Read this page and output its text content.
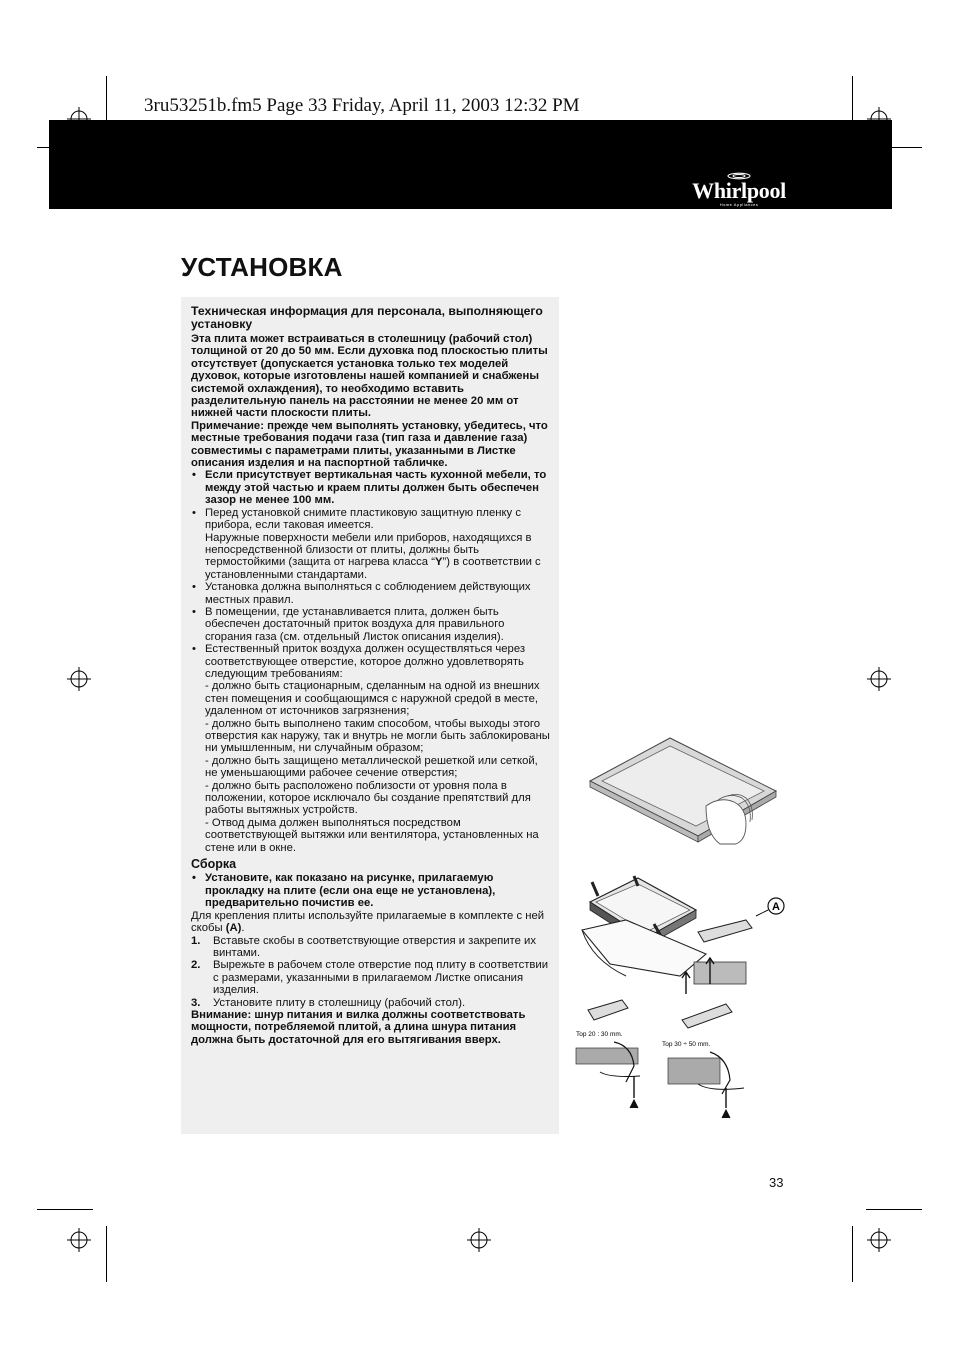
3ru53251b.fm5 Page 33 Friday, April 11, 2003 12:32 PM
Whirlpool
Home Appliances
УСТАНОВКА

Техническая информация для персонала, выполняющего установку

Эта плита может встраиваться в столешницу (рабочий стол) толщиной от 20 до 50 мм. Если духовка под плоскостью плиты отсутствует (допускается установка только тех моделей духовок, которые изготовлены нашей компанией и снабжены системой охлаждения), то необходимо вставить разделительную панель на расстоянии не менее 20 мм от нижней части плоскости плиты.

Примечание: прежде чем выполнять установку, убедитесь, что местные требования подачи газа (тип газа и давление газа) совместимы с параметрами плиты, указанными в Листке описания изделия и на паспортной табличке.

• Если присутствует вертикальная часть кухонной мебели, то между этой частью и краем плиты должен быть обеспечен зазор не менее 100 мм.

• Перед установкой снимите пластиковую защитную пленку с прибора, если таковая имеется.
Наружные поверхности мебели или приборов, находящихся в непосредственной близости от плиты, должны быть термостойкими (защита от нагрева класса “Y”) в соответствии с установленными стандартами.

• Установка должна выполняться с соблюдением действующих местных правил.

• В помещении, где устанавливается плита, должен быть обеспечен достаточный приток воздуха для правильного сгорания газа (см. отдельный Листок описания изделия).

• Естественный приток воздуха должен осуществляться через соответствующее отверстие, которое должно удовлетворять следующим требованиям:
- должно быть стационарным, сделанным на одной из внешних стен помещения и сообщающимся с наружной средой в месте, удаленном от источников загрязнения;
- должно быть выполнено таким способом, чтобы выходы этого отверстия как наружу, так и внутрь не могли быть заблокированы ни умышленным, ни случайным образом;
- должно быть защищено металлической решеткой или сеткой, не уменьшающими рабочее сечение отверстия;
- должно быть расположено поблизости от уровня пола в положении, которое исключало бы создание препятствий для работы вытяжных устройств.
- Отвод дыма должен выполняться посредством соответствующей вытяжки или вентилятора, установленных на стене или в окне.

Сборка

• Установите, как показано на рисунке, прилагаемую прокладку на плите (если она еще не установлена), предварительно почистив ее.

Для крепления плиты используйте прилагаемые в комплекте с ней скобы (A).

1. Вставьте скобы в соответствующие отверстия и закрепите их винтами.

2. Вырежьте в рабочем столе отверстие под плиту в соответствии с размерами, указанными в прилагаемом Листке описания изделия.

3. Установите плиту в столешницу (рабочий стол).

Внимание: шнур питания и вилка должны соответствовать мощности, потребляемой плитой, а длина шнура питания должна быть достаточной для его вытягивания вверх.

A
Top 20 : 30 mm.
Top 30 ÷ 50 mm.
33
